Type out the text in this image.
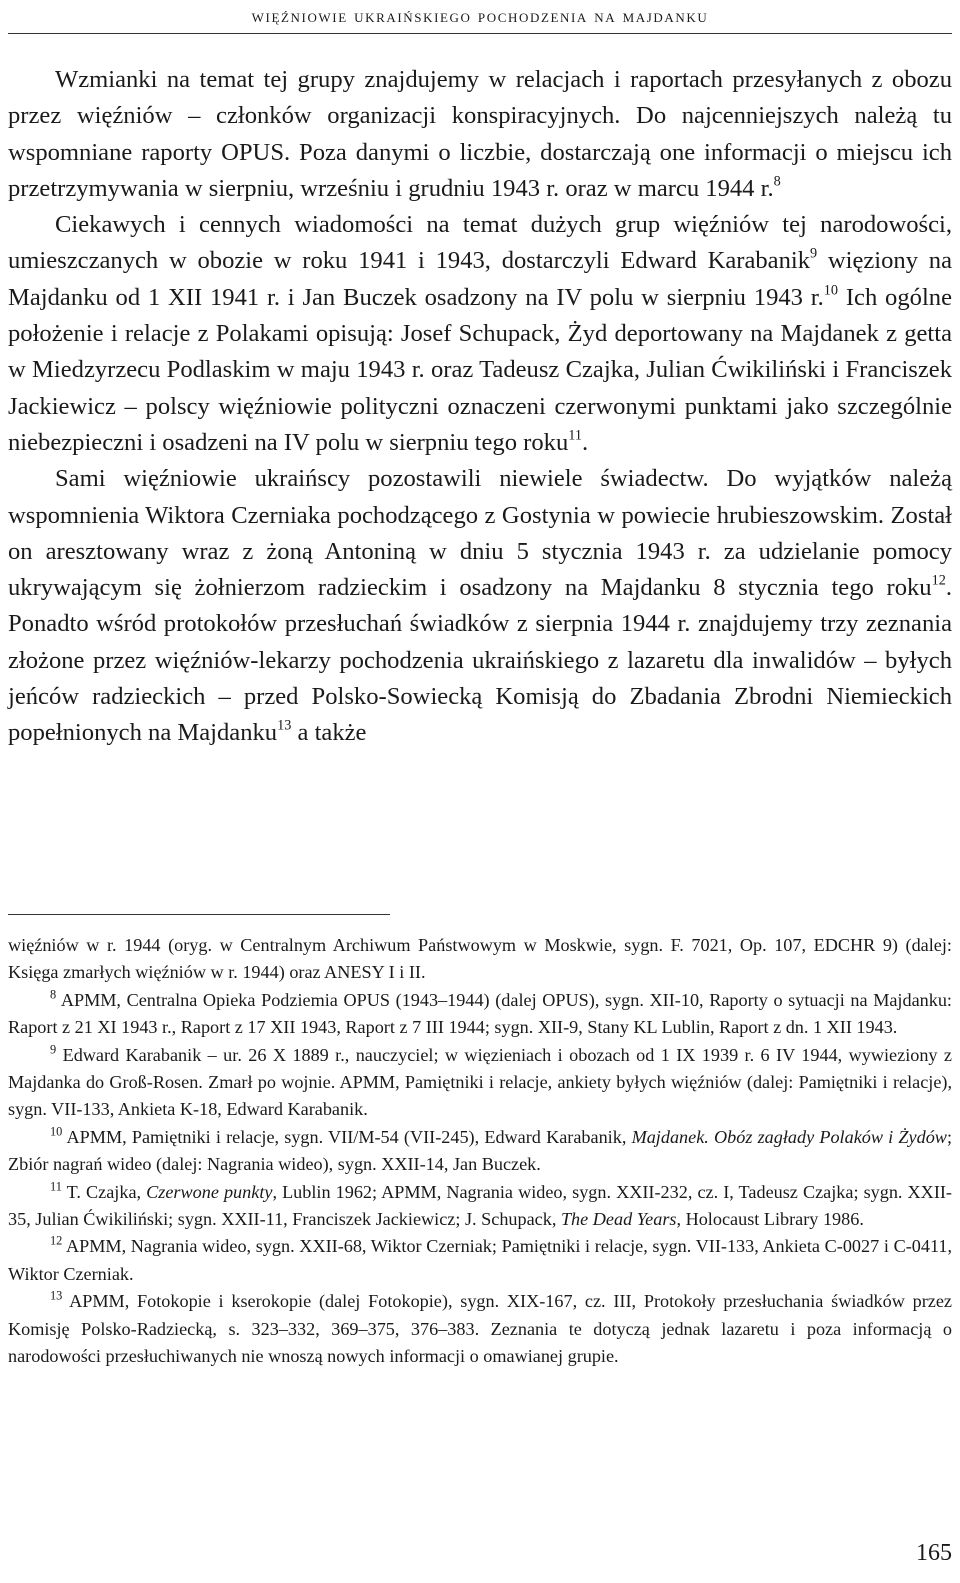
więźniowie ukraińskiego pochodzenia na majdanku

Wzmianki na temat tej grupy znajdujemy w relacjach i raportach przesyłanych z obozu przez więźniów – członków organizacji konspiracyjnych. Do najcenniejszych należą tu wspomniane raporty OPUS. Poza danymi o liczbie, dostarczają one informacji o miejscu ich przetrzymywania w sierpniu, wrześniu i grudniu 1943 r. oraz w marcu 1944 r.$^8$

Ciekawych i cennych wiadomości na temat dużych grup więźniów tej narodowości, umieszczanych w obozie w roku 1941 i 1943, dostarczyli Edward Karabanik$^9$ więziony na Majdanku od 1 XII 1941 r. i Jan Buczek osadzony na IV polu w sierpniu 1943 r.$^{10}$ Ich ogólne położenie i relacje z Polakami opisują: Josef Schupack, Żyd deportowany na Majdanek z getta w Miedzyrzecu Podlaskim w maju 1943 r. oraz Tadeusz Czajka, Julian Ćwikiliński i Franciszek Jackiewicz – polscy więźniowie polityczni oznaczeni czerwonymi punktami jako szczególnie niebezpieczni i osadzeni na IV polu w sierpniu tego roku$^{11}$.

Sami więźniowie ukraińscy pozostawili niewiele świadectw. Do wyjątków należą wspomnienia Wiktora Czerniaka pochodzącego z Gostynia w powiecie hrubieszowskim. Został on aresztowany wraz z żoną Antoniną w dniu 5 stycznia 1943 r. za udzielanie pomocy ukrywającym się żołnierzom radzieckim i osadzony na Majdanku 8 stycznia tego roku$^{12}$. Ponadto wśród protokołów przesłuchań świadków z sierpnia 1944 r. znajdujemy trzy zeznania złożone przez więźniów-lekarzy pochodzenia ukraińskiego z lazaretu dla inwalidów – byłych jeńców radzieckich – przed Polsko-Sowiecką Komisją do Zbadania Zbrodni Niemieckich popełnionych na Majdanku$^{13}$ a także

więźniów w r. 1944 (oryg. w Centralnym Archiwum Państwowym w Moskwie, sygn. F. 7021, Op. 107, EDCHR 9) (dalej: Księga zmarłych więźniów w r. 1944) oraz ANESY I i II.

$^8$ APMM, Centralna Opieka Podziemia OPUS (1943–1944) (dalej OPUS), sygn. XII-10, Raporty o sytuacji na Majdanku: Raport z 21 XI 1943 r., Raport z 17 XII 1943, Raport z 7 III 1944; sygn. XII-9, Stany KL Lublin, Raport z dn. 1 XII 1943.

$^9$ Edward Karabanik – ur. 26 X 1889 r., nauczyciel; w więzieniach i obozach od 1 IX 1939 r. 6 IV 1944, wywieziony z Majdanka do Groß-Rosen. Zmarł po wojnie. APMM, Pamiętniki i relacje, ankiety byłych więźniów (dalej: Pamiętniki i relacje), sygn. VII-133, Ankieta K-18, Edward Karabanik.

$^{10}$ APMM, Pamiętniki i relacje, sygn. VII/M-54 (VII-245), Edward Karabanik, Majdanek. Obóz zagłady Polaków i Żydów; Zbiór nagrań wideo (dalej: Nagrania wideo), sygn. XXII-14, Jan Buczek.

$^{11}$ T. Czajka, Czerwone punkty, Lublin 1962; APMM, Nagrania wideo, sygn. XXII-232, cz. I, Tadeusz Czajka; sygn. XXII-35, Julian Ćwikiliński; sygn. XXII-11, Franciszek Jackiewicz; J. Schupack, The Dead Years, Holocaust Library 1986.

$^{12}$ APMM, Nagrania wideo, sygn. XXII-68, Wiktor Czerniak; Pamiętniki i relacje, sygn. VII-133, Ankieta C-0027 i C-0411, Wiktor Czerniak.

$^{13}$ APMM, Fotokopie i kserokopie (dalej Fotokopie), sygn. XIX-167, cz. III, Protokoły przesłuchania świadków przez Komisję Polsko-Radziecką, s. 323–332, 369–375, 376–383. Zeznania te dotyczą jednak lazaretu i poza informacją o narodowości przesłuchiwanych nie wnoszą nowych informacji o omawianej grupie.

165
